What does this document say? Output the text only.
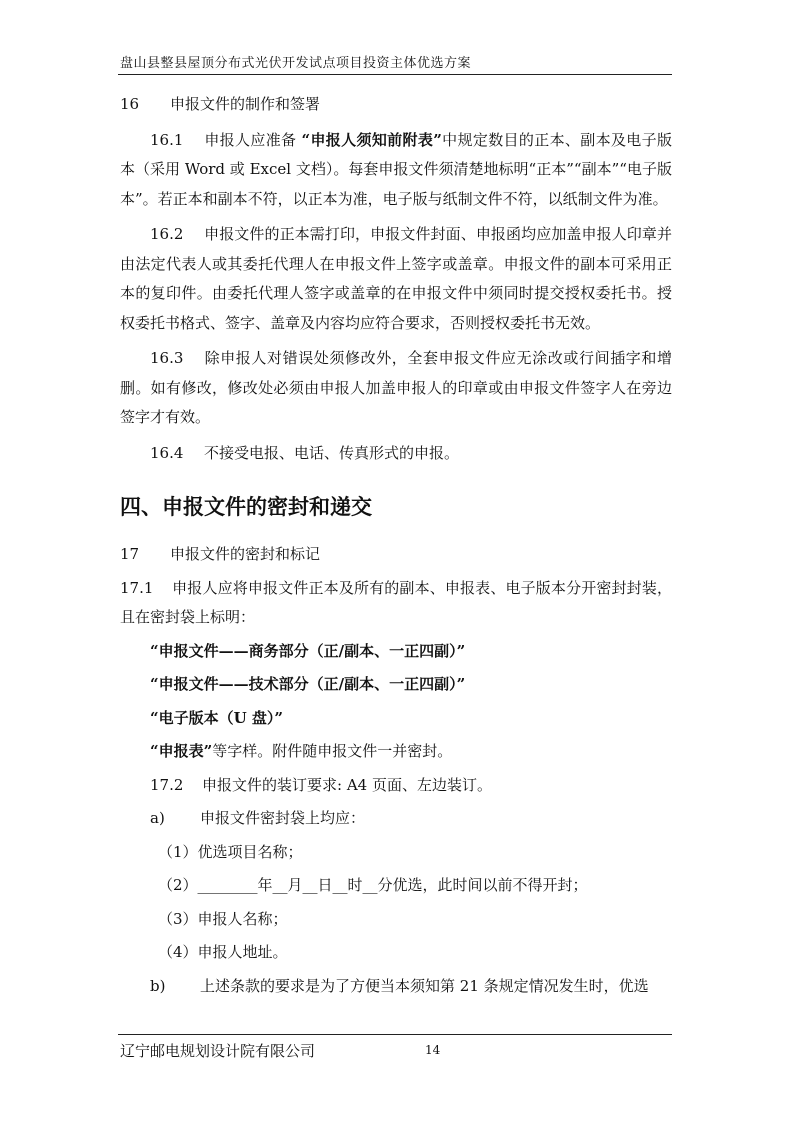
盘山县整县屋顶分布式光伏开发试点项目投资主体优选方案

16 申报文件的制作和签署

16.1 申报人应准备 “申报人须知前附表”中规定数目的正本、副本及电子版本（采用 Word 或 Excel 文档）。每套申报文件须清楚地标明“正本”“副本”“电子版本”。若正本和副本不符，以正本为准，电子版与纸制文件不符，以纸制文件为准。

16.2 申报文件的正本需打印，申报文件封面、申报函均应加盖申报人印章并由法定代表人或其委托代理人在申报文件上签字或盖章。申报文件的副本可采用正本的复印件。由委托代理人签字或盖章的在申报文件中须同时提交授权委托书。授权委托书格式、签字、盖章及内容均应符合要求，否则授权委托书无效。

16.3 除申报人对错误处须修改外，全套申报文件应无涂改或行间插字和增删。如有修改，修改处必须由申报人加盖申报人的印章或由申报文件签字人在旁边签字才有效。

16.4 不接受电报、电话、传真形式的申报。

四、申报文件的密封和递交

17 申报文件的密封和标记

17.1 申报人应将申报文件正本及所有的副本、申报表、电子版本分开密封封装，且在密封袋上标明：

“申报文件——商务部分（正/副本、一正四副）”

“申报文件——技术部分（正/副本、一正四副）”

“电子版本（U 盘）”

“申报表”等字样。附件随申报文件一并密封。

17.2 申报文件的装订要求: A4 页面、左边装订。

a) 申报文件密封袋上均应：

（1）优选项目名称；

（2）________年__月__日__时__分优选，此时间以前不得开封；

（3）申报人名称；

（4）申报人地址。

b) 上述条款的要求是为了方便当本须知第 21 条规定情况发生时，优选

辽宁邮电规划设计院有限公司	14
